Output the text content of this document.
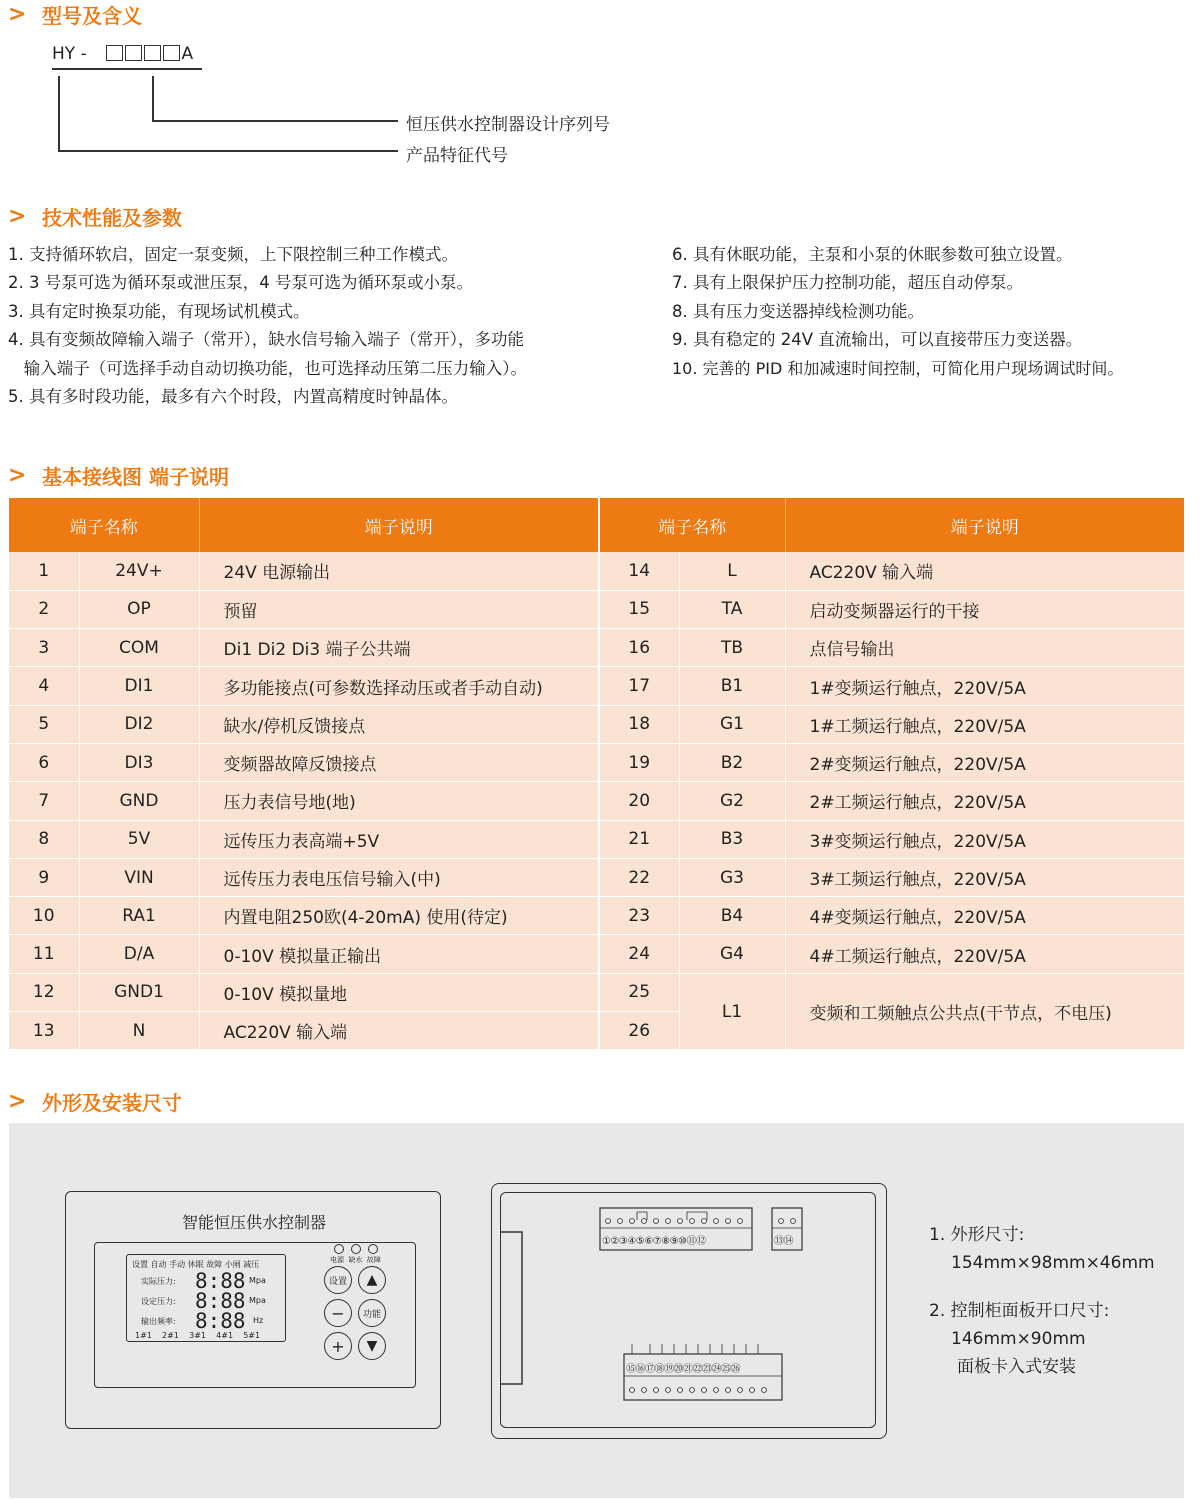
> 型号及含义
HY -	A
恒压供水控制器设计序列号
产品特征代号
> 技术性能及参数
1. 支持循环软启，固定一泵变频，上下限控制三种工作模式。
2. 3 号泵可选为循环泵或泄压泵，4 号泵可选为循环泵或小泵。
3. 具有定时换泵功能，有现场试机模式。
4. 具有变频故障输入端子（常开），缺水信号输入端子（常开），多功能
输入端子（可选择手动自动切换功能，也可选择动压第二压力输入）。
5. 具有多时段功能，最多有六个时段，内置高精度时钟晶体。
6. 具有休眠功能，主泵和小泵的休眠参数可独立设置。
7. 具有上限保护压力控制功能，超压自动停泵。
8. 具有压力变送器掉线检测功能。
9. 具有稳定的 24V 直流输出，可以直接带压力变送器。
10. 完善的 PID 和加减速时间控制，可简化用户现场调试时间。
> 基本接线图 端子说明
端子名称		端子说明	端子名称		端子说明
1	24V+	24V 电源输出	14	L	AC220V 输入端
2	OP	预留	15	TA	启动变频器运行的干接
3	COM	Di1 Di2 Di3 端子公共端	16	TB	点信号输出
4	DI1	多功能接点(可参数选择动压或者手动自动)	17	B1	1#变频运行触点，220V/5A
5	DI2	缺水/停机反馈接点	18	G1	1#工频运行触点，220V/5A
6	DI3	变频器故障反馈接点	19	B2	2#变频运行触点，220V/5A
7	GND	压力表信号地(地)	20	G2	2#工频运行触点，220V/5A
8	5V	远传压力表高端+5V	21	B3	3#变频运行触点，220V/5A
9	VIN	远传压力表电压信号输入(中)	22	G3	3#工频运行触点，220V/5A
10	RA1	内置电阻250欧(4-20mA) 使用(待定)	23	B4	4#变频运行触点，220V/5A
11	D/A	0-10V 模拟量正输出	24	G4	4#工频运行触点，220V/5A
12	GND1	0-10V 模拟量地	25	L1	变频和工频触点公共点(干节点，不电压)
13	N	AC220V 输入端	26		
> 外形及安装尺寸
智能恒压供水控制器
设置 自动 手动 休眠 故障 小闸 减压
实际压力: 8:88 Mpa
设定压力: 8:88 Mpa
输出频率: 8:88 Hz
1#1    2#1    3#1    4#1    5#1
电源  缺水  故障
设置	▲
−	功能
+ ▼
①②③④⑤⑥⑦⑧⑨⑩⑪⑫	⑬⑭
⑮⑯⑰⑱⑲⑳㉑㉒㉓㉔㉕㉖
1. 外形尺寸:
154mm×98mm×46mm
2. 控制柜面板开口尺寸:
146mm×90mm
面板卡入式安装
